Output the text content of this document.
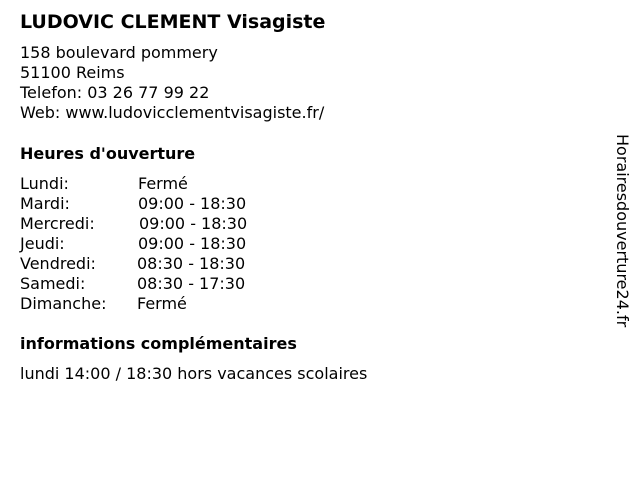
LUDOVIC CLEMENT Visagiste
158 boulevard pommery
51100 Reims
Telefon: 03 26 77 99 22
Web: www.ludovicclementvisagiste.fr/
Heures d'ouverture
Lundi:	Fermé
Mardi:	09:00 - 18:30
Mercredi:	09:00 - 18:30
Jeudi:	09:00 - 18:30
Vendredi:	08:30 - 18:30
Samedi:	08:30 - 17:30
Dimanche: Fermé
informations complémentaires
lundi 14:00 / 18:30 hors vacances scolaires
Horairesdouverture24.fr
